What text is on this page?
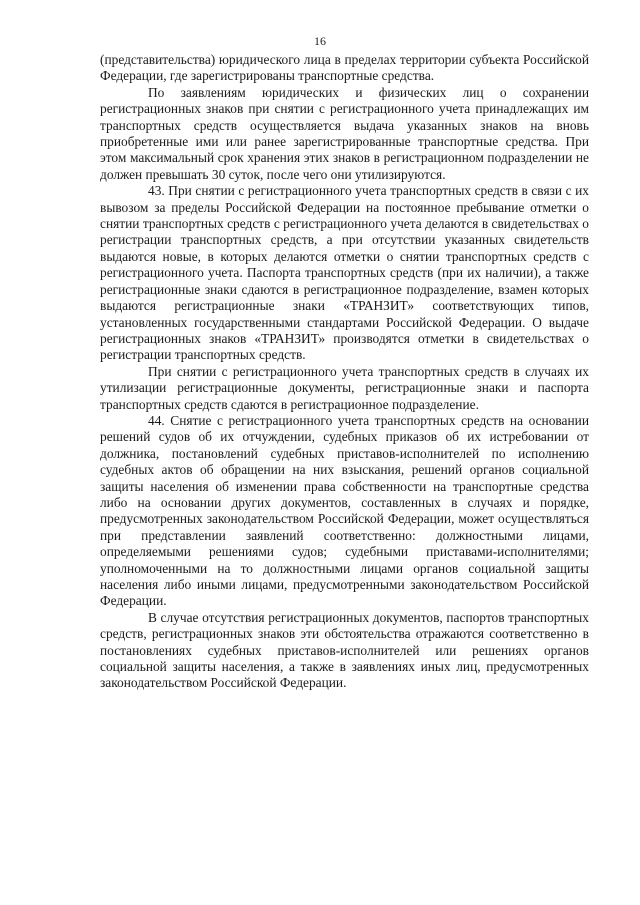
16

(представительства) юридического лица в пределах территории субъекта Российской Федерации, где зарегистрированы транспортные средства.

По заявлениям юридических и физических лиц о сохранении регистрационных знаков при снятии с регистрационного учета принадлежащих им транспортных средств осуществляется выдача указанных знаков на вновь приобретенные ими или ранее зарегистрированные транспортные средства. При этом максимальный срок хранения этих знаков в регистрационном подразделении не должен превышать 30 суток, после чего они утилизируются.

43. При снятии с регистрационного учета транспортных средств в связи с их вывозом за пределы Российской Федерации на постоянное пребывание отметки о снятии транспортных средств с регистрационного учета делаются в свидетельствах о регистрации транспортных средств, а при отсутствии указанных свидетельств выдаются новые, в которых делаются отметки о снятии транспортных средств с регистрационного учета. Паспорта транспортных средств (при их наличии), а также регистрационные знаки сдаются в регистрационное подразделение, взамен которых выдаются регистрационные знаки «ТРАНЗИТ» соответствующих типов, установленных государственными стандартами Российской Федерации. О выдаче регистрационных знаков «ТРАНЗИТ» производятся отметки в свидетельствах о регистрации транспортных средств.

При снятии с регистрационного учета транспортных средств в случаях их утилизации регистрационные документы, регистрационные знаки и паспорта транспортных средств сдаются в регистрационное подразделение.

44. Снятие с регистрационного учета транспортных средств на основании решений судов об их отчуждении, судебных приказов об их истребовании от должника, постановлений судебных приставов-исполнителей по исполнению судебных актов об обращении на них взыскания, решений органов социальной защиты населения об изменении права собственности на транспортные средства либо на основании других документов, составленных в случаях и порядке, предусмотренных законодательством Российской Федерации, может осуществляться при представлении заявлений соответственно: должностными лицами, определяемыми решениями судов; судебными приставами-исполнителями; уполномоченными на то должностными лицами органов социальной защиты населения либо иными лицами, предусмотренными законодательством Российской Федерации.

В случае отсутствия регистрационных документов, паспортов транспортных средств, регистрационных знаков эти обстоятельства отражаются соответственно в постановлениях судебных приставов-исполнителей или решениях органов социальной защиты населения, а также в заявлениях иных лиц, предусмотренных законодательством Российской Федерации.
